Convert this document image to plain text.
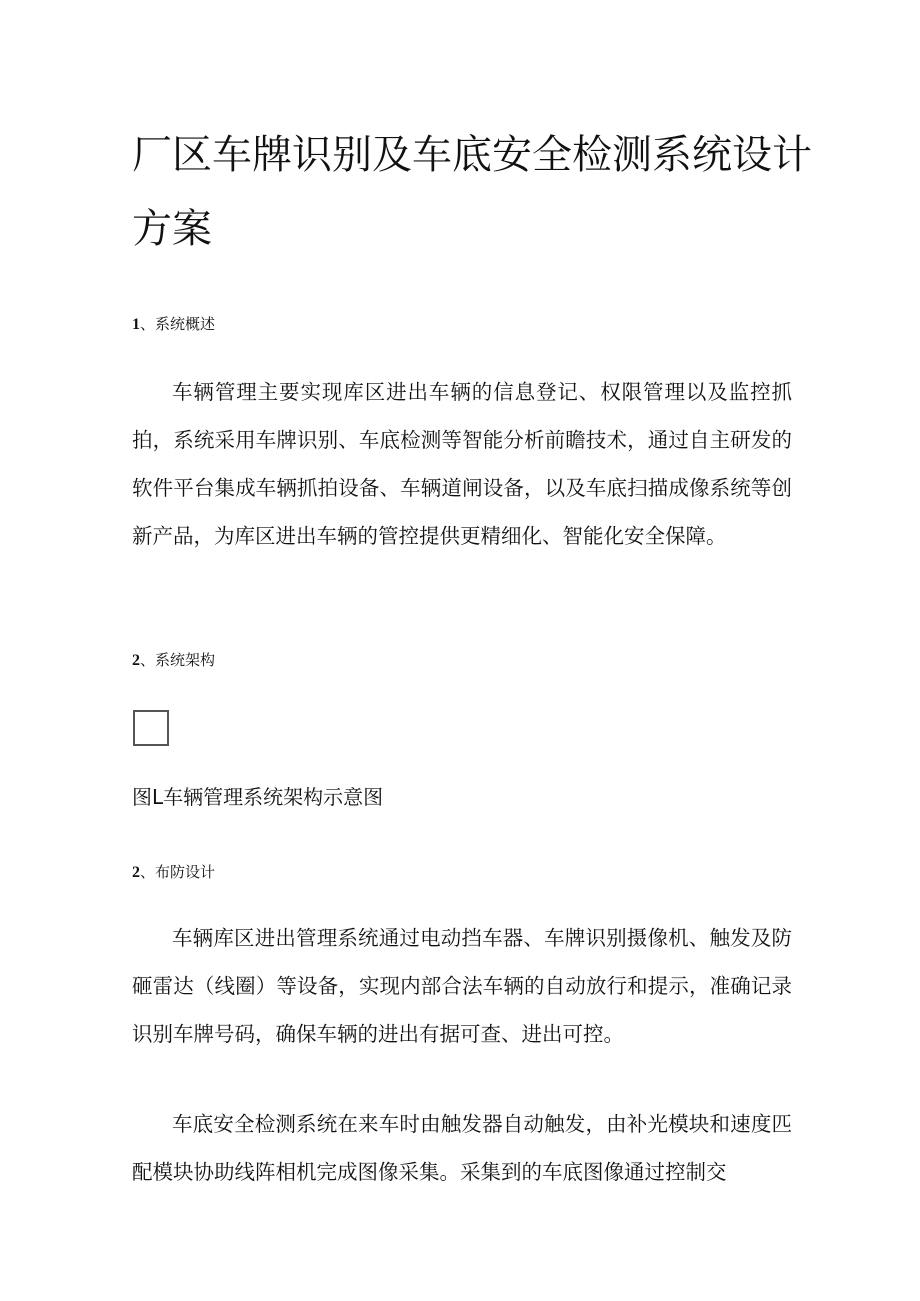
厂区车牌识别及车底安全检测系统设计方案
1、系统概述

车辆管理主要实现库区进出车辆的信息登记、权限管理以及监控抓拍，系统采用车牌识别、车底检测等智能分析前瞻技术，通过自主研发的软件平台集成车辆抓拍设备、车辆道闸设备，以及车底扫描成像系统等创新产品，为库区进出车辆的管控提供更精细化、智能化安全保障。

2、系统架构

图L车辆管理系统架构示意图

2、布防设计

车辆库区进出管理系统通过电动挡车器、车牌识别摄像机、触发及防砸雷达（线圈）等设备，实现内部合法车辆的自动放行和提示，准确记录识别车牌号码，确保车辆的进出有据可查、进出可控。

车底安全检测系统在来车时由触发器自动触发，由补光模块和速度匹配模块协助线阵相机完成图像采集。采集到的车底图像通过控制交
